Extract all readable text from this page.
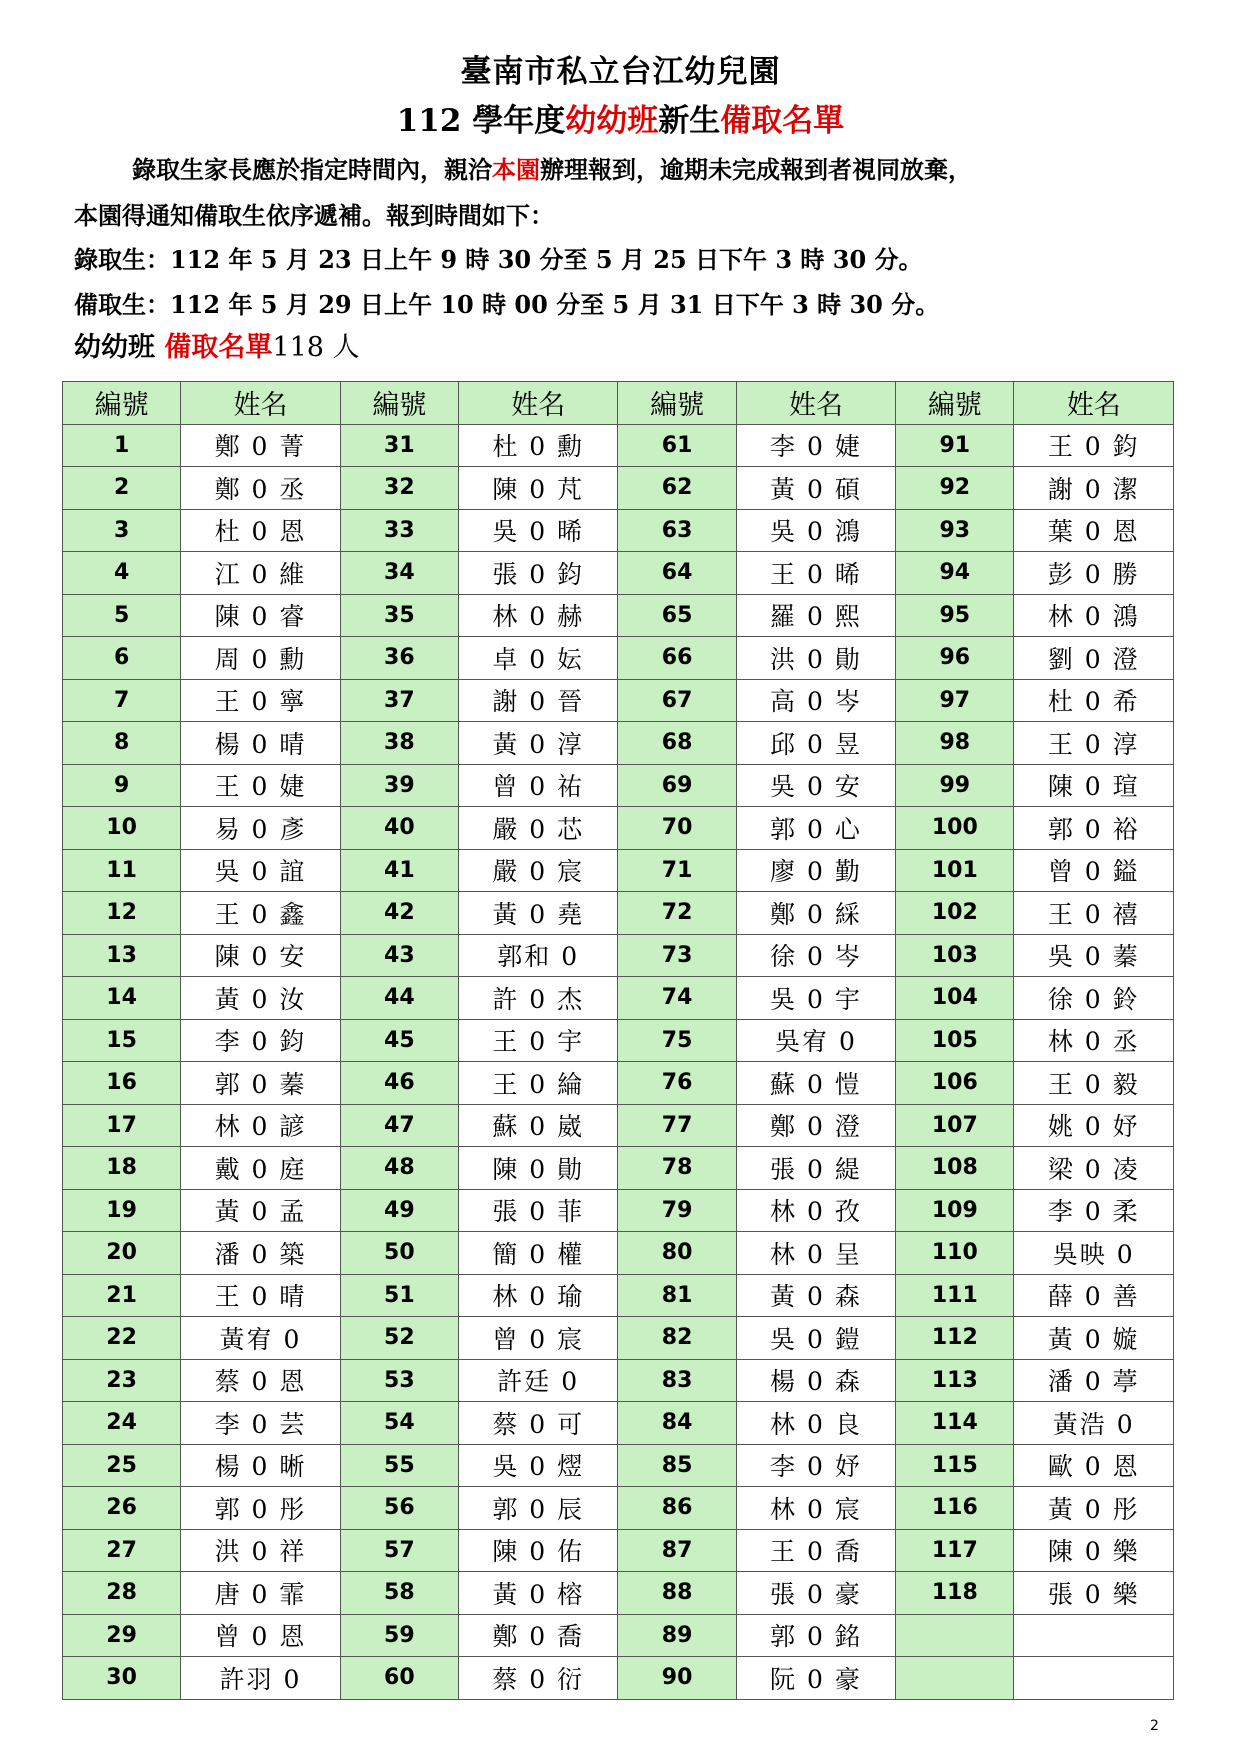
臺南市私立台江幼兒園
112 學年度幼幼班新生備取名單
錄取生家長應於指定時間內，親洽本園辦理報到，逾期未完成報到者視同放棄，
本園得通知備取生依序遞補。報到時間如下：
錄取生：112 年 5 月 23 日上午 9 時 30 分至 5 月 25 日下午 3 時 30 分。
備取生：112 年 5 月 29 日上午 10 時 00 分至 5 月 31 日下午 3 時 30 分。
幼幼班 備取名單118 人
編號	姓名	編號	姓名	編號	姓名	編號	姓名
1	鄭 0 菁	31	杜 0 勳	61	李 0 婕	91	王 0 鈞
2	鄭 0 丞	32	陳 0 芃	62	黃 0 碩	92	謝 0 潔
3	杜 0 恩	33	吳 0 晞	63	吳 0 鴻	93	葉 0 恩
4	江 0 維	34	張 0 鈞	64	王 0 晞	94	彭 0 勝
5	陳 0 睿	35	林 0 赫	65	羅 0 熙	95	林 0 鴻
6	周 0 勳	36	卓 0 妘	66	洪 0 勛	96	劉 0 澄
7	王 0 寧	37	謝 0 晉	67	高 0 岑	97	杜 0 希
8	楊 0 晴	38	黃 0 淳	68	邱 0 昱	98	王 0 淳
9	王 0 婕	39	曾 0 祐	69	吳 0 安	99	陳 0 瑄
10	易 0 彥	40	嚴 0 芯	70	郭 0 心	100	郭 0 裕
11	吳 0 誼	41	嚴 0 宸	71	廖 0 勤	101	曾 0 鎰
12	王 0 鑫	42	黃 0 堯	72	鄭 0 綵	102	王 0 禧
13	陳 0 安	43	郭和 0	73	徐 0 岑	103	吳 0 蓁
14	黃 0 汝	44	許 0 杰	74	吳 0 宇	104	徐 0 鈴
15	李 0 鈞	45	王 0 宇	75	吳宥 0	105	林 0 丞
16	郭 0 蓁	46	王 0 綸	76	蘇 0 愷	106	王 0 毅
17	林 0 諺	47	蘇 0 崴	77	鄭 0 澄	107	姚 0 妤
18	戴 0 庭	48	陳 0 勛	78	張 0 緹	108	梁 0 凌
19	黃 0 孟	49	張 0 菲	79	林 0 孜	109	李 0 柔
20	潘 0 築	50	簡 0 權	80	林 0 呈	110	吳映 0
21	王 0 晴	51	林 0 瑜	81	黃 0 森	111	薛 0 善
22	黃宥 0	52	曾 0 宸	82	吳 0 鎧	112	黃 0 嫙
23	蔡 0 恩	53	許廷 0	83	楊 0 森	113	潘 0 葶
24	李 0 芸	54	蔡 0 可	84	林 0 良	114	黃浩 0
25	楊 0 晰	55	吳 0 熤	85	李 0 妤	115	歐 0 恩
26	郭 0 彤	56	郭 0 辰	86	林 0 宸	116	黃 0 彤
27	洪 0 祥	57	陳 0 佑	87	王 0 喬	117	陳 0 樂
28	唐 0 霏	58	黃 0 榕	88	張 0 豪	118	張 0 樂
29	曾 0 恩	59	鄭 0 喬	89	郭 0 銘		
30	許羽 0	60	蔡 0 衍	90	阮 0 豪		
2
